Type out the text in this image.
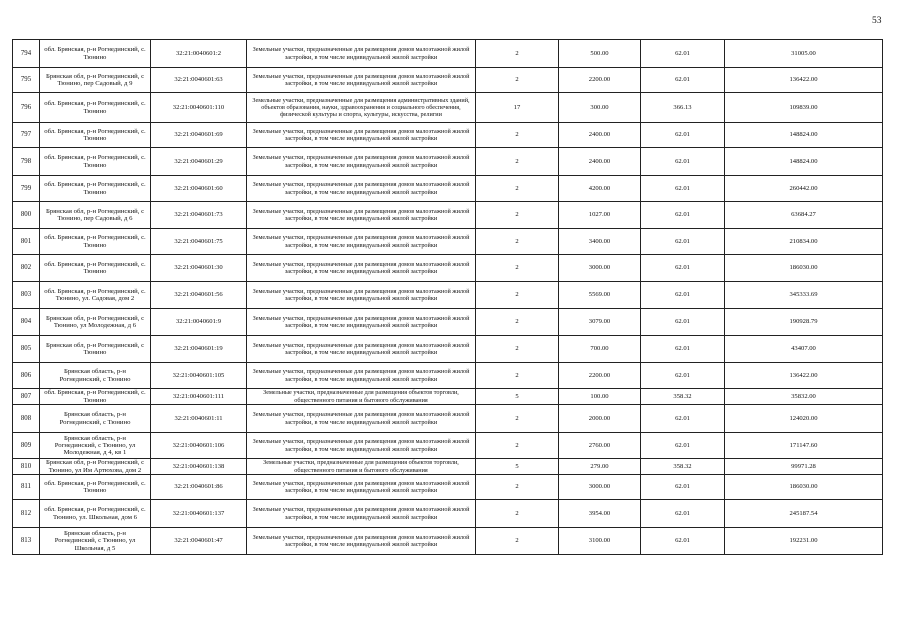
53
794	обл. Брянская, р-н Рогнединский, с. Тюнино	32:21:0040601:2	Земельные участки, предназначенные для размещения домов малоэтажной жилой застройки, в том числе индивидуальной жилой застройки	2	500.00	62.01	31005.00
795	Брянская обл, р-н Рогнединский, с Тюнино, пер Садовый, д 9	32:21:0040601:63	Земельные участки, предназначенные для размещения домов малоэтажной жилой застройки, в том числе индивидуальной жилой застройки	2	2200.00	62.01	136422.00
796	обл. Брянская, р-н Рогнединский, с. Тюнино	32:21:0040601:110	Земельные участки, предназначенные для размещения административных зданий, объектов образования, науки, здравоохранения и социального обеспечения, физической культуры и спорта, культуры, искусства, религии	17	300.00	366.13	109839.00
797	обл. Брянская, р-н Рогнединский, с. Тюнино	32:21:0040601:69	Земельные участки, предназначенные для размещения домов малоэтажной жилой застройки, в том числе индивидуальной жилой застройки	2	2400.00	62.01	148824.00
798	обл. Брянская, р-н Рогнединский, с. Тюнино	32:21:0040601:29	Земельные участки, предназначенные для размещения домов малоэтажной жилой застройки, в том числе индивидуальной жилой застройки	2	2400.00	62.01	148824.00
799	обл. Брянская, р-н Рогнединский, с. Тюнино	32:21:0040601:60	Земельные участки, предназначенные для размещения домов малоэтажной жилой застройки, в том числе индивидуальной жилой застройки	2	4200.00	62.01	260442.00
800	Брянская обл, р-н Рогнединский, с Тюнино, пер Садовый, д 6	32:21:0040601:73	Земельные участки, предназначенные для размещения домов малоэтажной жилой застройки, в том числе индивидуальной жилой застройки	2	1027.00	62.01	63684.27
801	обл. Брянская, р-н Рогнединский, с. Тюнино	32:21:0040601:75	Земельные участки, предназначенные для размещения домов малоэтажной жилой застройки, в том числе индивидуальной жилой застройки	2	3400.00	62.01	210834.00
802	обл. Брянская, р-н Рогнединский, с. Тюнино	32:21:0040601:30	Земельные участки, предназначенные для размещения домов малоэтажной жилой застройки, в том числе индивидуальной жилой застройки	2	3000.00	62.01	186030.00
803	обл. Брянская, р-н Рогнединский, с. Тюнино, ул. Садовая, дом 2	32:21:0040601:56	Земельные участки, предназначенные для размещения домов малоэтажной жилой застройки, в том числе индивидуальной жилой застройки	2	5569.00	62.01	345333.69
804	Брянская обл, р-н Рогнединский, с Тюнино, ул Молодежная, д 6	32:21:0040601:9	Земельные участки, предназначенные для размещения домов малоэтажной жилой застройки, в том числе индивидуальной жилой застройки	2	3079.00	62.01	190928.79
805	Брянская обл, р-н Рогнединский, с Тюнино	32:21:0040601:19	Земельные участки, предназначенные для размещения домов малоэтажной жилой застройки, в том числе индивидуальной жилой застройки	2	700.00	62.01	43407.00
806	Брянская область, р-н Рогнединский, с Тюнино	32:21:0040601:105	Земельные участки, предназначенные для размещения домов малоэтажной жилой застройки, в том числе индивидуальной жилой застройки	2	2200.00	62.01	136422.00
807	обл. Брянская, р-н Рогнединский, с. Тюнино	32:21:0040601:111	Земельные участки, предназначенные для размещения объектов торговли, общественного питания и бытового обслуживания	5	100.00	358.32	35832.00
808	Брянская область, р-н Рогнединский, с Тюнино	32:21:0040601:11	Земельные участки, предназначенные для размещения домов малоэтажной жилой застройки, в том числе индивидуальной жилой застройки	2	2000.00	62.01	124020.00
809	Брянская область, р-н Рогнединский, с Тюнино, ул Молодежная, д 4, кв 1	32:21:0040601:106	Земельные участки, предназначенные для размещения домов малоэтажной жилой застройки, в том числе индивидуальной жилой застройки	2	2760.00	62.01	171147.60
810	Брянская обл, р-н Рогнединский, с Тюнино, ул Им Артюхова, дом 2	32:21:0040601:138	Земельные участки, предназначенные для размещения объектов торговли, общественного питания и бытового обслуживания	5	279.00	358.32	99971.28
811	обл. Брянская, р-н Рогнединский, с. Тюнино	32:21:0040601:86	Земельные участки, предназначенные для размещения домов малоэтажной жилой застройки, в том числе индивидуальной жилой застройки	2	3000.00	62.01	186030.00
812	обл. Брянская, р-н Рогнединский, с. Тюнино, ул. Школьная, дом 6	32:21:0040601:137	Земельные участки, предназначенные для размещения домов малоэтажной жилой застройки, в том числе индивидуальной жилой застройки	2	3954.00	62.01	245187.54
813	Брянская область, р-н Рогнединский, с Тюнино, ул Школьная, д 5	32:21:0040601:47	Земельные участки, предназначенные для размещения домов малоэтажной жилой застройки, в том числе индивидуальной жилой застройки	2	3100.00	62.01	192231.00
